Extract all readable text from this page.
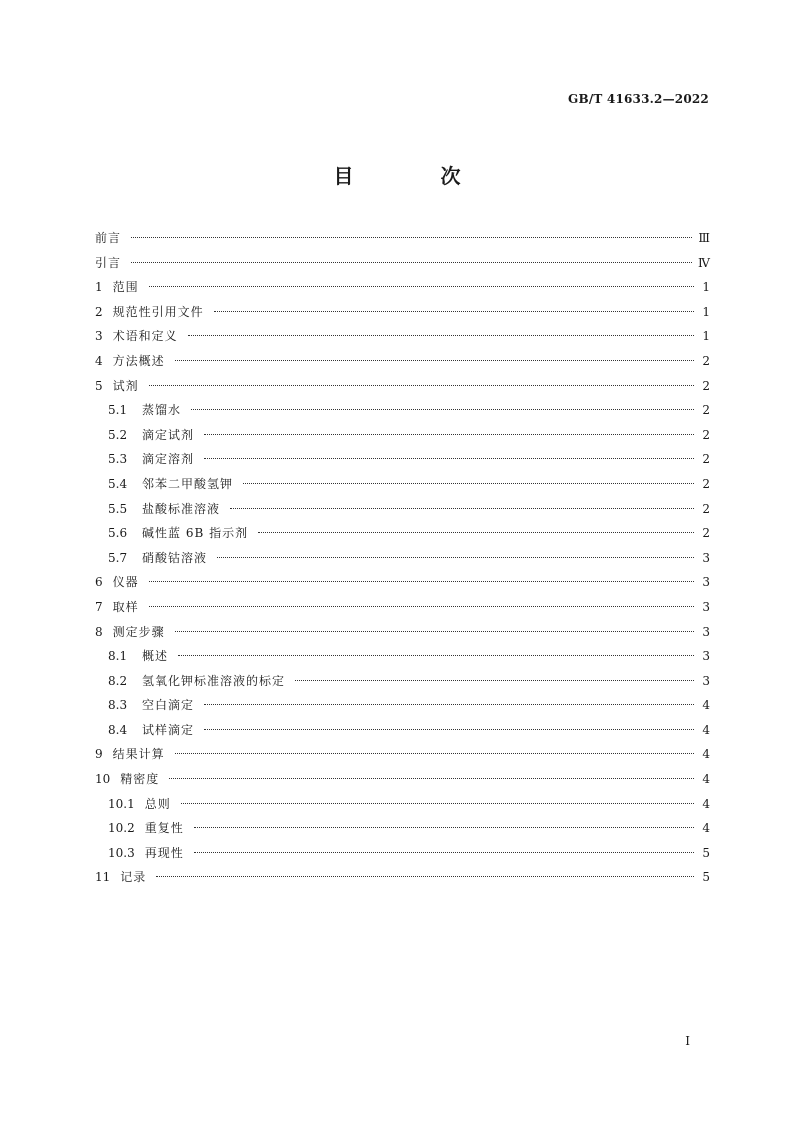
GB/T 41633.2—2022
目 次
前言	Ⅲ
引言	Ⅳ
1 范围	1
2 规范性引用文件	1
3 术语和定义	1
4 方法概述	2
5 试剂	2
5.1	蒸馏水	2
5.2	滴定试剂	2
5.3	滴定溶剂	2
5.4	邻苯二甲酸氢钾	2
5.5	盐酸标准溶液	2
5.6	碱性蓝 6B 指示剂	2
5.7	硝酸钴溶液	3
6 仪器	3
7 取样	3
8 测定步骤	3
8.1	概述	3
8.2	氢氧化钾标准溶液的标定	3
8.3	空白滴定	4
8.4	试样滴定	4
9 结果计算	4
10 精密度	4
10.1 总则	4
10.2 重复性	4
10.3 再现性	5
11 记录	5
I
